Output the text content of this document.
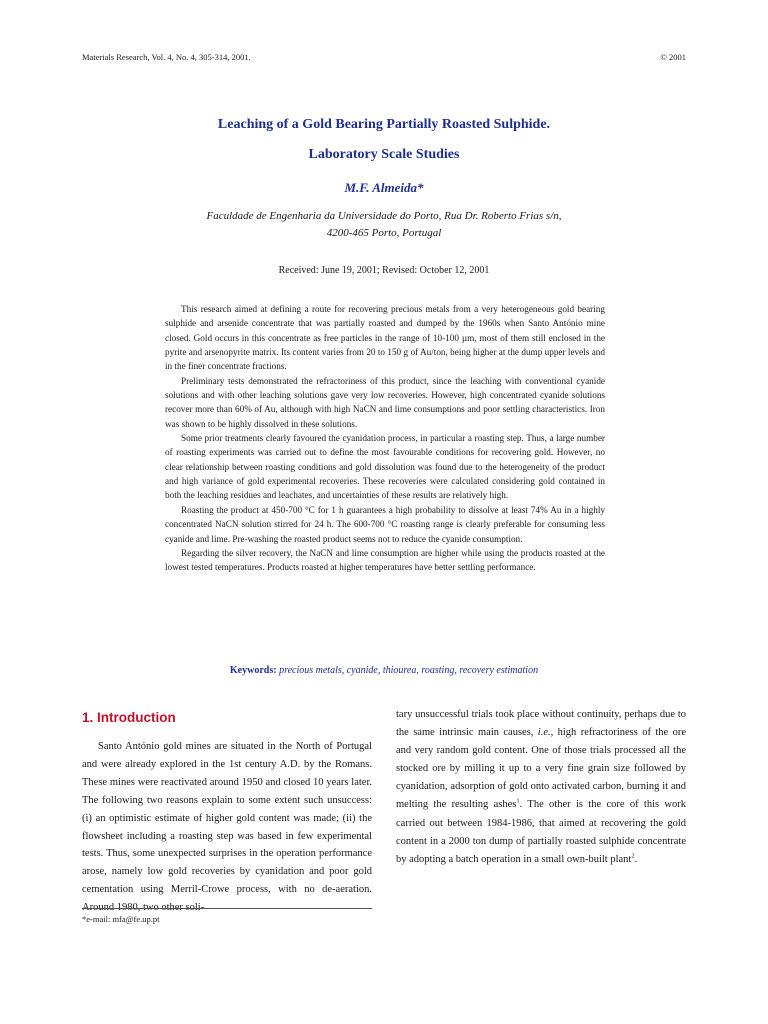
Materials Research, Vol. 4, No. 4, 305-314, 2001.	© 2001
Leaching of a Gold Bearing Partially Roasted Sulphide.
Laboratory Scale Studies
M.F. Almeida*
Faculdade de Engenharia da Universidade do Porto, Rua Dr. Roberto Frias s/n,
4200-465 Porto, Portugal
Received: June 19, 2001; Revised: October 12, 2001

This research aimed at defining a route for recovering precious metals from a very heterogeneous gold bearing sulphide and arsenide concentrate that was partially roasted and dumped by the 1960s when Santo António mine closed. Gold occurs in this concentrate as free particles in the range of 10-100 µm, most of them still enclosed in the pyrite and arsenopyrite matrix. Its content varies from 20 to 150 g of Au/ton, being higher at the dump upper levels and in the finer concentrate fractions.

Preliminary tests demonstrated the refractoriness of this product, since the leaching with conventional cyanide solutions and with other leaching solutions gave very low recoveries. However, high concentrated cyanide solutions recover more than 60% of Au, although with high NaCN and lime consumptions and poor settling characteristics. Iron was shown to be highly dissolved in these solutions.

Some prior treatments clearly favoured the cyanidation process, in particular a roasting step. Thus, a large number of roasting experiments was carried out to define the most favourable conditions for recovering gold. However, no clear relationship between roasting conditions and gold dissolution was found due to the heterogeneity of the product and high variance of gold experimental recoveries. These recoveries were calculated considering gold contained in both the leaching residues and leachates, and uncertainties of these results are relatively high.

Roasting the product at 450-700 °C for 1 h guarantees a high probability to dissolve at least 74% Au in a highly concentrated NaCN solution stirred for 24 h. The 600-700 °C roasting range is clearly preferable for consuming less cyanide and lime. Pre-washing the roasted product seems not to reduce the cyanide consumption.

Regarding the silver recovery, the NaCN and lime consumption are higher while using the products roasted at the lowest tested temperatures. Products roasted at higher temperatures have better settling performance.

Keywords: precious metals, cyanide, thiourea, roasting, recovery estimation
1. Introduction

Santo António gold mines are situated in the North of Portugal and were already explored in the 1st century A.D. by the Romans. These mines were reactivated around 1950 and closed 10 years later. The following two reasons explain to some extent such unsuccess: (i) an optimistic estimate of higher gold content was made; (ii) the flowsheet including a roasting step was based in few experimental tests. Thus, some unexpected surprises in the operation performance arose, namely low gold recoveries by cyanidation and poor gold cementation using Merril-Crowe process, with no de-aeration. Around 1980, two other soli-

tary unsuccessful trials took place without continuity, perhaps due to the same intrinsic main causes, i.e., high refractoriness of the ore and very random gold content. One of those trials processed all the stocked ore by milling it up to a very fine grain size followed by cyanidation, adsorption of gold onto activated carbon, burning it and melting the resulting ashes$^1$. The other is the core of this work carried out between 1984-1986, that aimed at recovering the gold content in a 2000 ton dump of partially roasted sulphide concentrate by adopting a batch operation in a small own-built plant$^2$.

*e-mail: mfa@fe.up.pt
